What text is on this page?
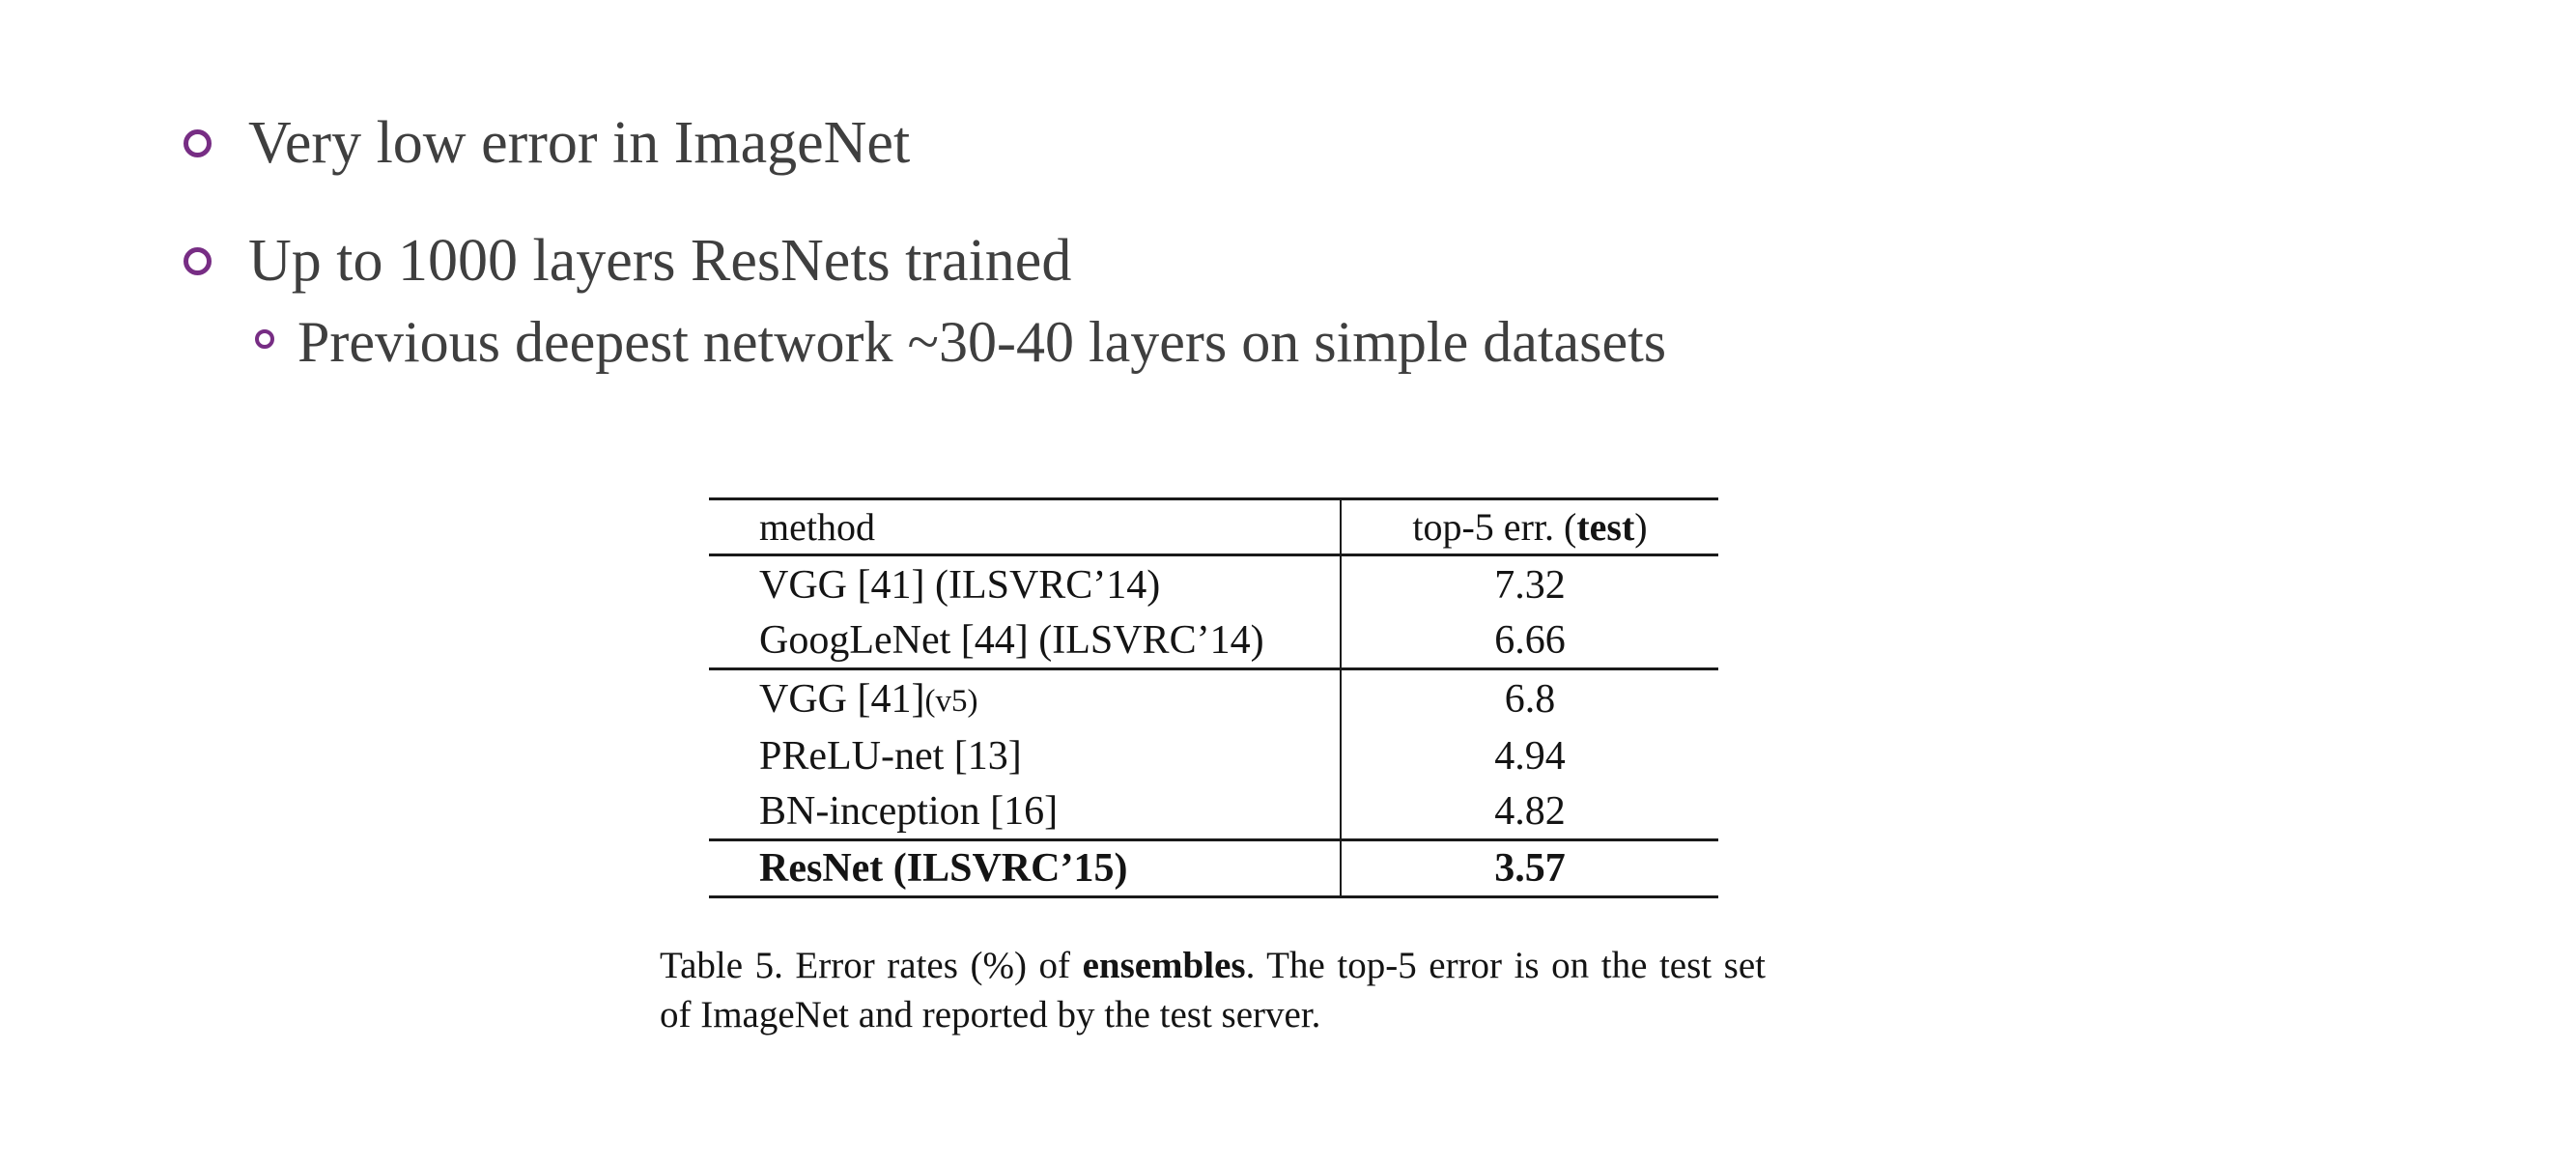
Very low error in ImageNet
Up to 1000 layers ResNets trained
Previous deepest network ~30-40 layers on simple datasets
method	top-5 err. ( test )
VGG [41] (ILSVRC’14)	7.32
GoogLeNet [44] (ILSVRC’14)	6.66
VGG [41] (v5)	6.8
PReLU-net [13]	4.94
BN-inception [16]	4.82
ResNet (ILSVRC’15)	3.57
Table 5. Error rates (%) of ensembles. The top-5 error is on the test set of ImageNet and reported by the test server.
